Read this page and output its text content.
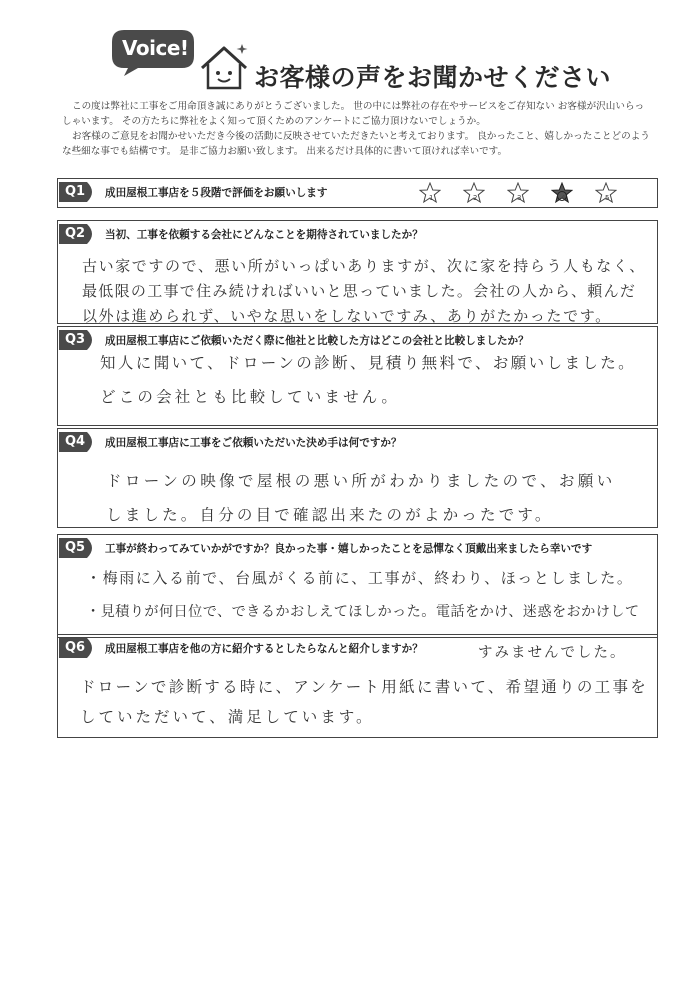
Voice!
お客様の声をお聞かせください

この度は弊社に工事をご用命頂き誠にありがとうございました。 世の中には弊社の存在やサービスをご存知ない お客様が沢山いらっしゃいます。 その方たちに弊社をよく知って頂くためのアンケートにご協力頂けないでしょうか。

お客様のご意見をお聞かせいただき今後の活動に反映させていただきたいと考えております。 良かったこと、嬉しかったことどのような些細な事でも結構です。 是非ご協力お願い致します。 出来るだけ具体的に書いて頂ければ幸いです。

Q1 成田屋根工事店を５段階で評価をお願いします	1	2	3	4	5
Q2 当初、工事を依頼する会社にどんなことを期待されていましたか？
古い家ですので、悪い所がいっぱいありますが、次に家を持らう人もなく、
最低限の工事で住み続ければいいと思っていました。会社の人から、頼んだ
以外は進められず、いやな思いをしないですみ、ありがたかったです。
Q3 成田屋根工事店にご依頼いただく際に他社と比較した方はどこの会社と比較しましたか？
知人に聞いて、ドローンの診断、見積り無料で、お願いしました。
どこの会社とも比較していません。
Q4 成田屋根工事店に工事をご依頼いただいた決め手は何ですか？
ドローンの映像で屋根の悪い所がわかりましたので、お願い
しました。自分の目で確認出来たのがよかったです。
Q5 工事が終わってみていかがですか？良かった事・嬉しかったことを忌憚なく頂戴出来ましたら幸いです
・梅雨に入る前で、台風がくる前に、工事が、終わり、ほっとしました。
・見積りが何日位で、できるかおしえてほしかった。電話をかけ、迷惑をおかけして
Q6 成田屋根工事店を他の方に紹介するとしたらなんと紹介しますか？	すみませんでした。
ドローンで診断する時に、アンケート用紙に書いて、希望通りの工事を
していただいて、満足しています。
